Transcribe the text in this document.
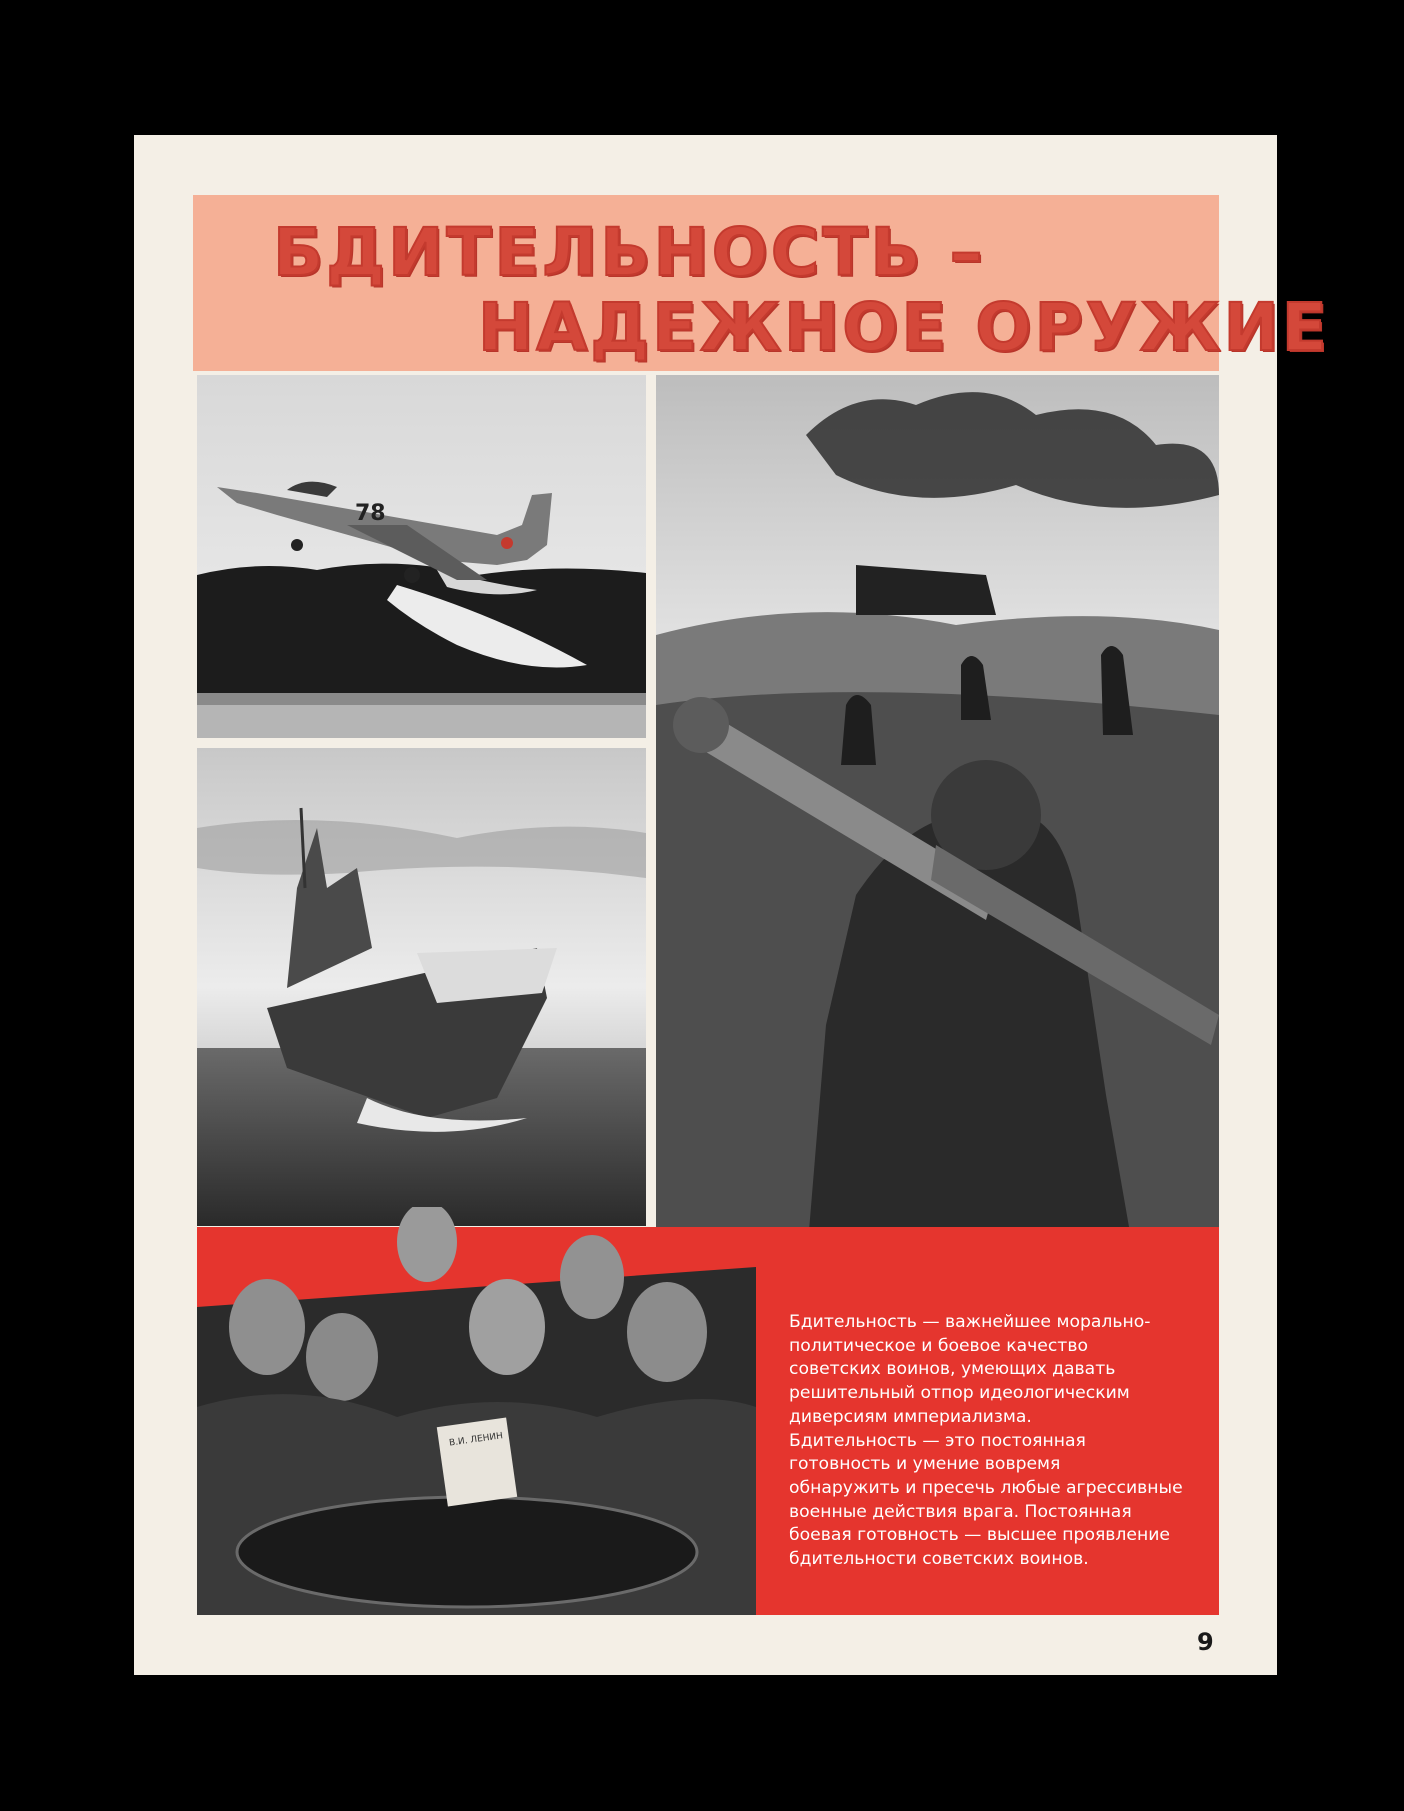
БДИТЕЛЬНОСТЬ –
НАДЕЖНОЕ ОРУЖИЕ
78
В.И. ЛЕНИН

Бдительность — важнейшее морально-
политическое и боевое качество
советских воинов, умеющих давать
решительный отпор идеологическим
диверсиям империализма.
Бдительность — это постоянная
готовность и умение вовремя
обнаружить и пресечь любые агрессивные
военные действия врага. Постоянная
боевая готовность — высшее проявление
бдительности советских воинов.

9
